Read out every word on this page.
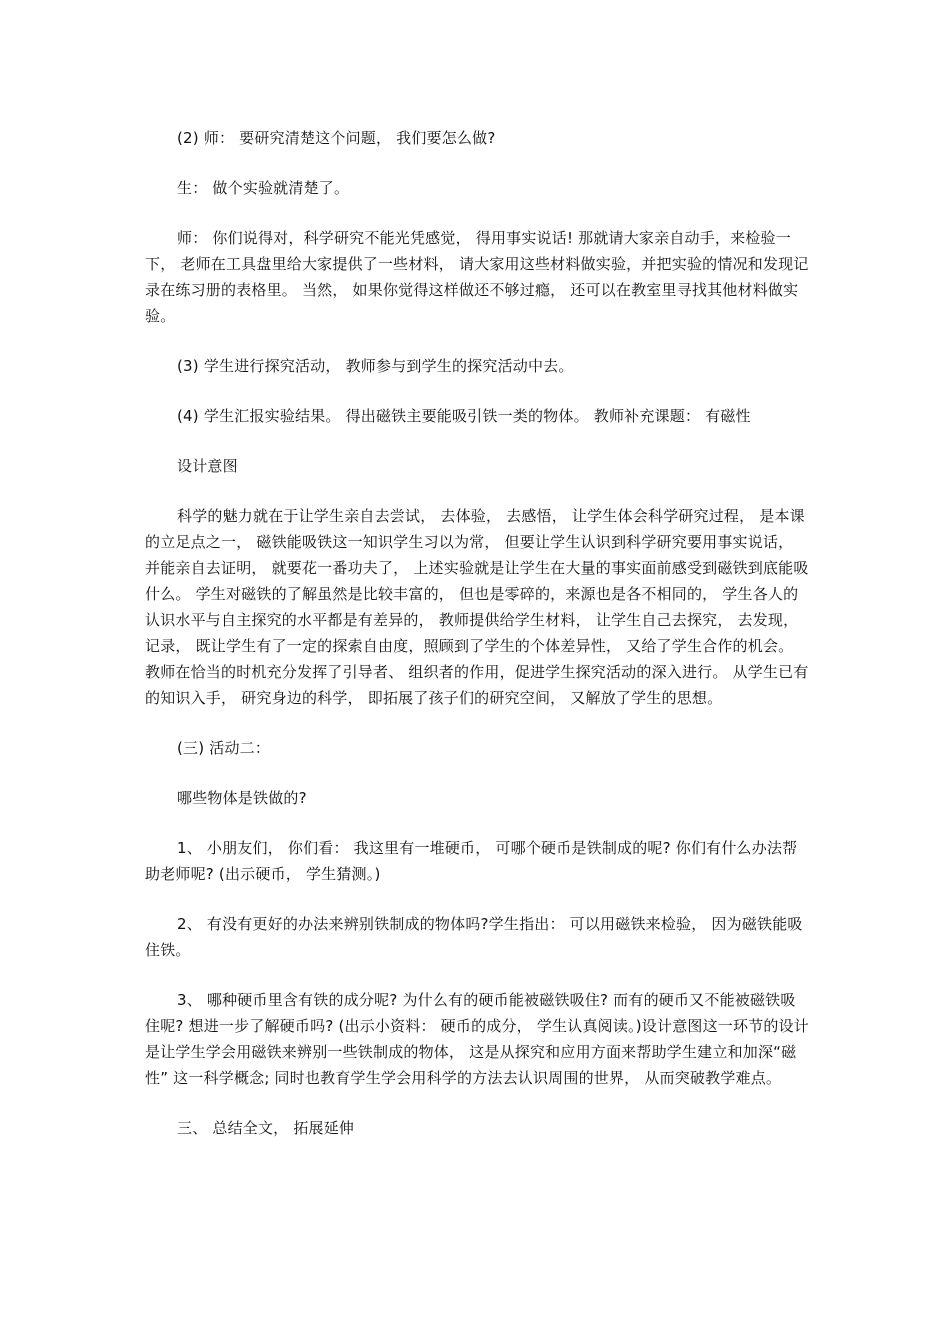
(2) 师： 要研究清楚这个问题， 我们要怎么做?

生： 做个实验就清楚了。

师： 你们说得对，科学研究不能光凭感觉， 得用事实说话! 那就请大家亲自动手，来检验一下， 老师在工具盘里给大家提供了一些材料， 请大家用这些材料做实验，并把实验的情况和发现记录在练习册的表格里。 当然， 如果你觉得这样做还不够过瘾， 还可以在教室里寻找其他材料做实验。

(3) 学生进行探究活动， 教师参与到学生的探究活动中去。

(4) 学生汇报实验结果。 得出磁铁主要能吸引铁一类的物体。 教师补充课题： 有磁性

设计意图

科学的魅力就在于让学生亲自去尝试， 去体验， 去感悟， 让学生体会科学研究过程， 是本课的立足点之一， 磁铁能吸铁这一知识学生习以为常， 但要让学生认识到科学研究要用事实说话， 并能亲自去证明， 就要花一番功夫了， 上述实验就是让学生在大量的事实面前感受到磁铁到底能吸什么。 学生对磁铁的了解虽然是比较丰富的， 但也是零碎的，来源也是各不相同的， 学生各人的认识水平与自主探究的水平都是有差异的， 教师提供给学生材料， 让学生自己去探究， 去发现，记录， 既让学生有了一定的探索自由度，照顾到了学生的个体差异性， 又给了学生合作的机会。 教师在恰当的时机充分发挥了引导者、 组织者的作用，促进学生探究活动的深入进行。 从学生已有的知识入手， 研究身边的科学， 即拓展了孩子们的研究空间， 又解放了学生的思想。

(三) 活动二：

哪些物体是铁做的?

1、 小朋友们， 你们看： 我这里有一堆硬币， 可哪个硬币是铁制成的呢? 你们有什么办法帮助老师呢? (出示硬币， 学生猜测。)

2、 有没有更好的办法来辨别铁制成的物体吗?学生指出： 可以用磁铁来检验， 因为磁铁能吸住铁。

3、 哪种硬币里含有铁的成分呢? 为什么有的硬币能被磁铁吸住? 而有的硬币又不能被磁铁吸住呢? 想进一步了解硬币吗? (出示小资料： 硬币的成分， 学生认真阅读。)设计意图这一环节的设计是让学生学会用磁铁来辨别一些铁制成的物体， 这是从探究和应用方面来帮助学生建立和加深“磁性” 这一科学概念; 同时也教育学生学会用科学的方法去认识周围的世界， 从而突破教学难点。

三、 总结全文， 拓展延伸
